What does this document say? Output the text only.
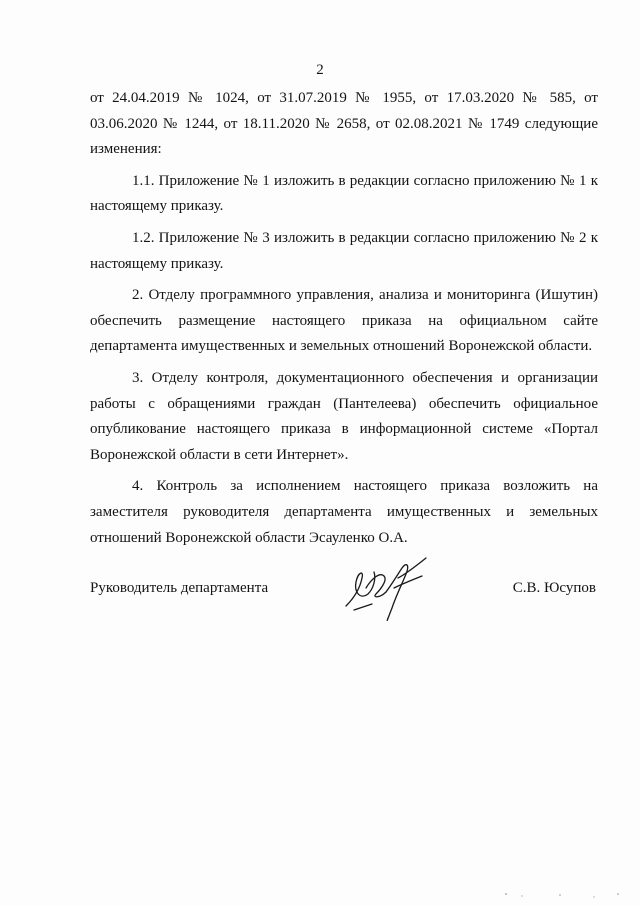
2

от 24.04.2019 № 1024, от 31.07.2019 № 1955, от 17.03.2020 № 585, от 03.06.2020 № 1244, от 18.11.2020 № 2658, от 02.08.2021 № 1749 следующие изменения:

1.1. Приложение № 1 изложить в редакции согласно приложению № 1 к настоящему приказу.

1.2. Приложение № 3 изложить в редакции согласно приложению № 2 к настоящему приказу.

2. Отделу программного управления, анализа и мониторинга (Ишутин) обеспечить размещение настоящего приказа на официальном сайте департамента имущественных и земельных отношений Воронежской области.

3. Отделу контроля, документационного обеспечения и организации работы с обращениями граждан (Пантелеева) обеспечить официальное опубликование настоящего приказа в информационной системе «Портал Воронежской области в сети Интернет».

4. Контроль за исполнением настоящего приказа возложить на заместителя руководителя департамента имущественных и земельных отношений Воронежской области Эсауленко О.А.

Руководитель департамента	С.В. Юсупов
